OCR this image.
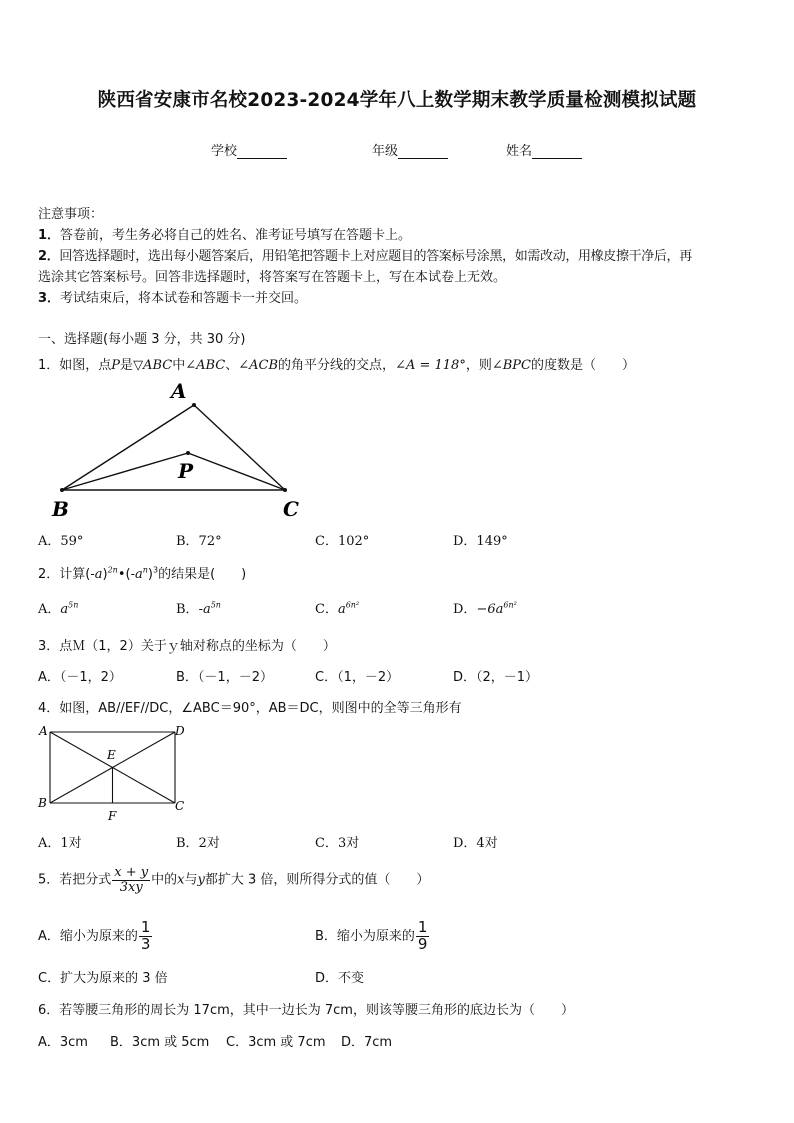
陕西省安康市名校2023-2024学年八上数学期末教学质量检测模拟试题
学校	年级	姓名
注意事项：
1．答卷前，考生务必将自己的姓名、准考证号填写在答题卡上。
2．回答选择题时，选出每小题答案后，用铅笔把答题卡上对应题目的答案标号涂黑，如需改动，用橡皮擦干净后，再
选涂其它答案标号。回答非选择题时，将答案写在答题卡上，写在本试卷上无效。
3．考试结束后，将本试卷和答题卡一并交回。
一、选择题(每小题 3 分，共 30 分)
1．如图，点P是▽ABC中∠ABC、∠ACB的角平分线的交点，∠A = 118°，则∠BPC的度数是（　　）
A
P
B	C
A．59°	B．72°	C．102°	D．149°
2．计算$(-a)^{2n}•(-a^n)^3$的结果是(　　)
A．$a^{5n}$	B．$-a^{5n}$	C．$a^{6n^2}$	D．$-6a^{6n^2}$
3．点Ｍ（1，2）关于ｙ轴对称点的坐标为（　　）
A．（－1，2）	B．（－1，－2）	C．（1，－2）	D．（2，－1）
4．如图，AB//EF//DC，∠ABC＝90°，AB＝DC，则图中的全等三角形有
A	D
E
B	C
F
A．1对	B．2对	C．3对	D．4对
5．若把分式 $\frac{x + y}{3xy}$ 中的x与y都扩大 3 倍，则所得分式的值（　　）
A．缩小为原来的 $\frac{1}{3}$	B．缩小为原来的 $\frac{1}{9}$
C．扩大为原来的 3 倍	D．不变
6．若等腰三角形的周长为 17cm，其中一边长为 7cm，则该等腰三角形的底边长为（　　）
A．3cm B．3cm 或 5cm C．3cm 或 7cm D．7cm
